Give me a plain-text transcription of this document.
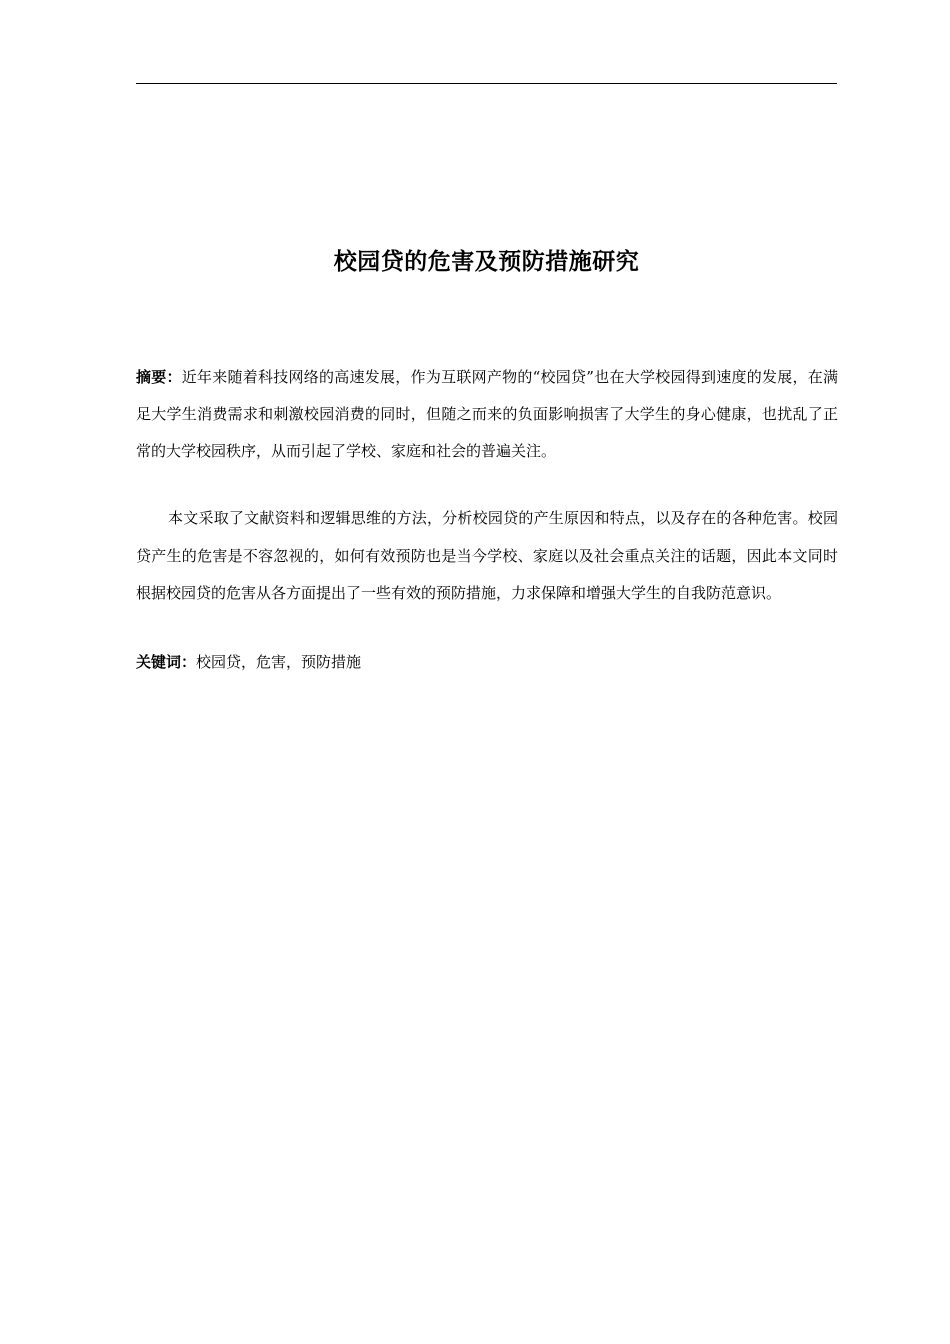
校园贷的危害及预防措施研究

摘要：近年来随着科技网络的高速发展，作为互联网产物的“校园贷”也在大学校园得到速度的发展，在满足大学生消费需求和刺激校园消费的同时，但随之而来的负面影响损害了大学生的身心健康，也扰乱了正常的大学校园秩序，从而引起了学校、家庭和社会的普遍关注。

本文采取了文献资料和逻辑思维的方法，分析校园贷的产生原因和特点，以及存在的各种危害。校园贷产生的危害是不容忽视的，如何有效预防也是当今学校、家庭以及社会重点关注的话题，因此本文同时根据校园贷的危害从各方面提出了一些有效的预防措施，力求保障和增强大学生的自我防范意识。

关键词：校园贷，危害，预防措施
